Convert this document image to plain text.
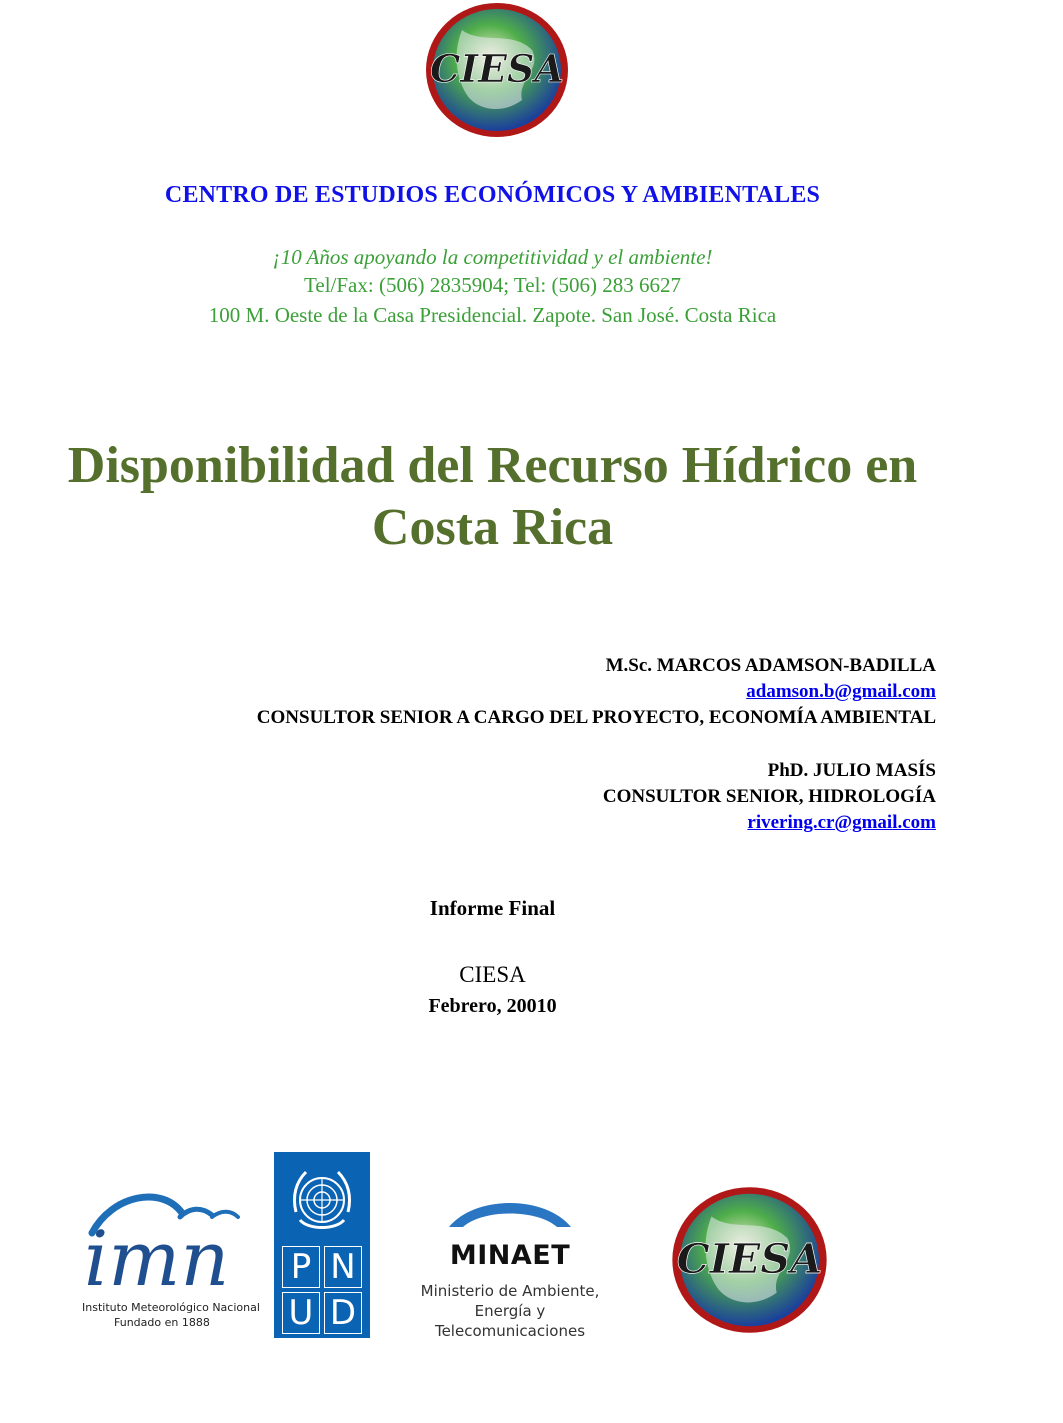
CIESA
CENTRO DE ESTUDIOS ECONÓMICOS Y AMBIENTALES
¡10 Años apoyando la competitividad y el ambiente!
Tel/Fax: (506) 2835904; Tel: (506) 283 6627
100 M. Oeste de la Casa Presidencial. Zapote. San José. Costa Rica
Disponibilidad del Recurso Hídrico en
Costa Rica
M.Sc. MARCOS ADAMSON-BADILLA
adamson.b@gmail.com
CONSULTOR SENIOR A CARGO DEL PROYECTO, ECONOMÍA AMBIENTAL
PhD. JULIO MASÍS
CONSULTOR SENIOR, HIDROLOGÍA
rivering.cr@gmail.com
Informe Final
CIESA
Febrero, 20010
imn
Instituto Meteorológico Nacional
Fundado en 1888
P N
U D
MINAET
Ministerio de Ambiente,
Energía y
Telecomunicaciones
CIESA
